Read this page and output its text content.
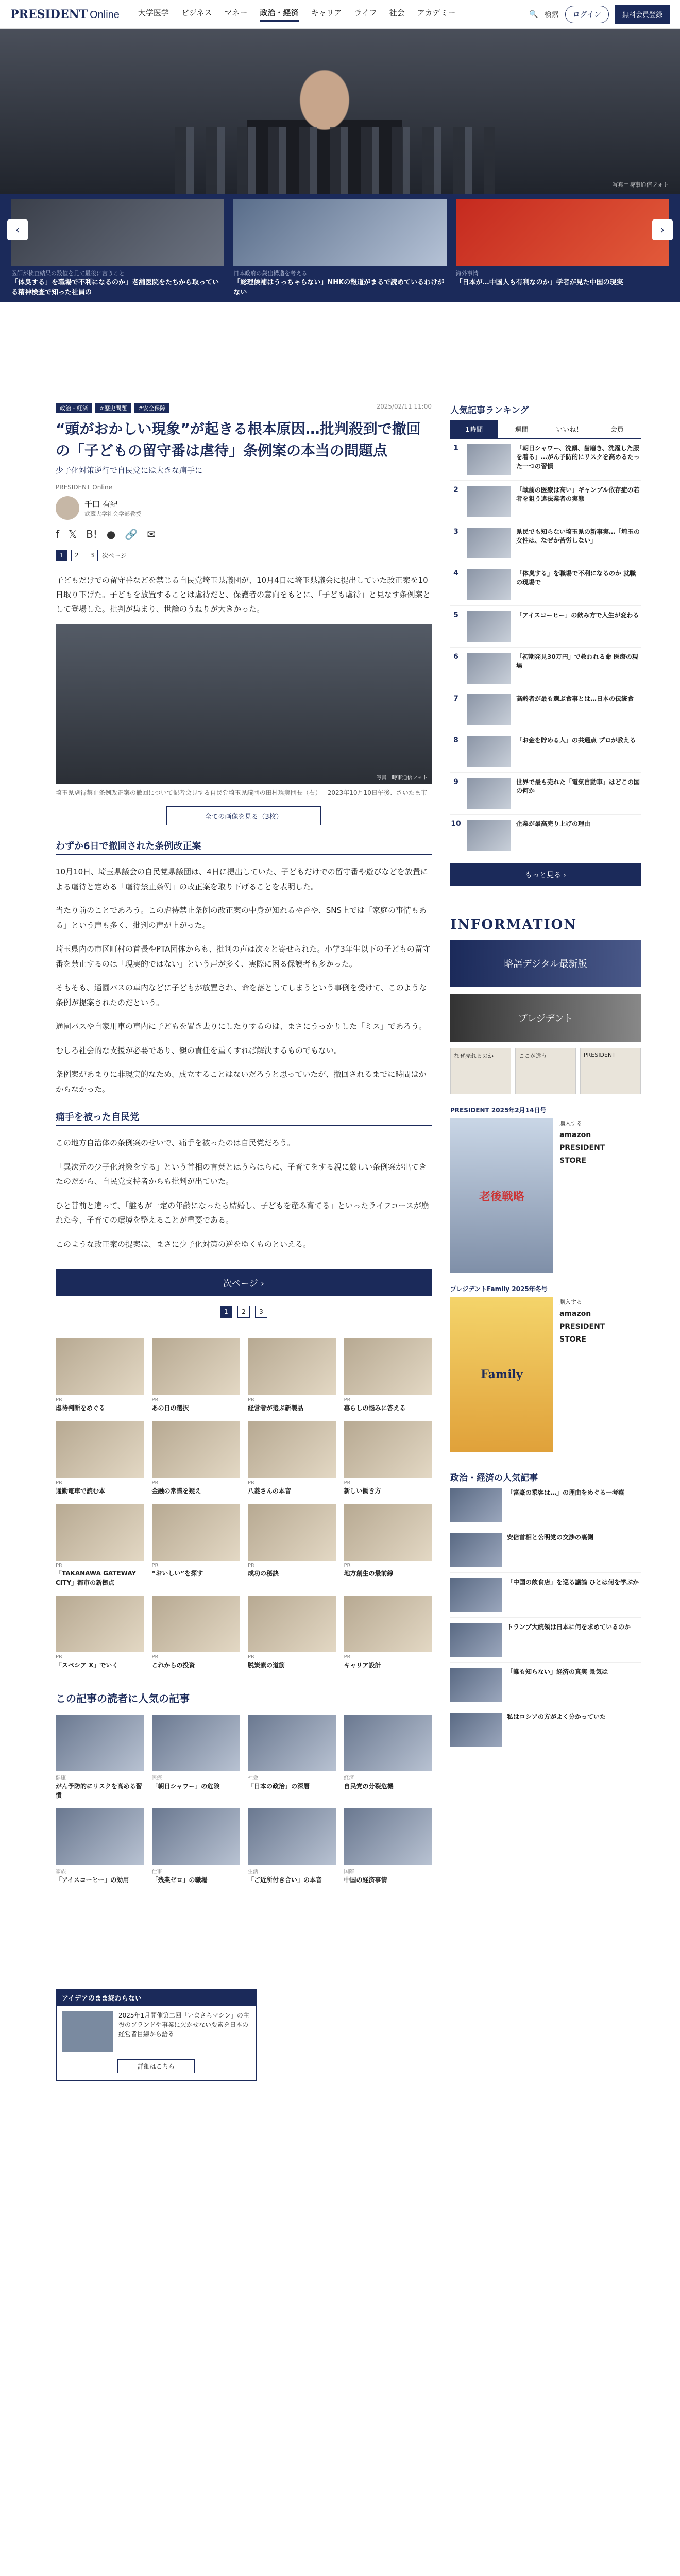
PRESIDENT Online 大学医学 ビジネス マネー 政治・経済 キャリア ライフ 社会 アカデミー	🔍 検索	ログイン	無料会員登録
写真＝時事通信フォト
医師が検査結果の数値を見て最後に言うこと
「体臭する」を職場で不利になるのか」老舗医院をたちから取っている精神検査で知った社員の
日本政府の歳出構造を考える
「総理候補はうっちゃらない」NHKの報道がまるで読めているわけがない
海外事情
「日本が…中国人も有利なのか」学者が見た中国の現実
‹	›
政治・経済	#歴史問題	#安全保障	2025/02/11 11:00
“頭がおかしい現象”が起きる根本原因…批判殺到で撤回の「子どもの留守番は虐待」条例案の本当の問題点
少子化対策逆行で自民党には大きな痛手に
PRESIDENT Online
千田 有紀
武蔵大学社会学部教授
f 𝕏 B! ● 🔗 ✉
1	2	3	次ページ

子どもだけでの留守番などを禁じる自民党埼玉県議団が、10月4日に埼玉県議会に提出していた改正案を10日取り下げた。子どもを放置することは虐待だと、保護者の意向をもとに、「子ども虐待」と見なす条例案として登場した。批判が集まり、世論のうねりが大きかった。

写真＝時事通信フォト
埼玉県虐待禁止条例改正案の撤回について記者会見する自民党埼玉県議団の田村琢実団長（右）＝2023年10月10日午後、さいたま市
全ての画像を見る（3枚）
わずか6日で撤回された条例改正案

10月10日、埼玉県議会の自民党県議団は、4日に提出していた、子どもだけでの留守番や遊びなどを放置による虐待と定める「虐待禁止条例」の改正案を取り下げることを表明した。

当たり前のことであろう。この虐待禁止条例の改正案の中身が知れるや否や、SNS上では「家庭の事情もある」という声も多く、批判の声が上がった。

埼玉県内の市区町村の首長やPTA団体からも、批判の声は次々と寄せられた。小学3年生以下の子どもの留守番を禁止するのは「現実的ではない」という声が多く、実際に困る保護者も多かった。

そもそも、通園バスの車内などに子どもが放置され、命を落としてしまうという事例を受けて、このような条例が提案されたのだという。

通園バスや自家用車の車内に子どもを置き去りにしたりするのは、まさにうっかりした「ミス」であろう。

むしろ社会的な支援が必要であり、親の責任を重くすれば解決するものでもない。

条例案があまりに非現実的なため、成立することはないだろうと思っていたが、撤回されるまでに時間はかからなかった。

痛手を被った自民党

この地方自治体の条例案のせいで、痛手を被ったのは自民党だろう。

「異次元の少子化対策をする」という首相の言葉とはうらはらに、子育てをする親に厳しい条例案が出てきたのだから、自民党支持者からも批判が出ていた。

ひと昔前と違って、「誰もが一定の年齢になったら結婚し、子どもを産み育てる」といったライフコースが崩れた今、子育ての環境を整えることが重要である。

このような改正案の提案は、まさに少子化対策の逆をゆくものといえる。

次ページ ›
1	2	3
PR
虐待判断をめぐる
PR
あの日の選択
PR
経営者が選ぶ新製品
PR
暮らしの悩みに答える
PR
通勤電車で読む本
PR
金融の常識を疑え
PR
八菱さんの本音
PR
新しい働き方
PR
「TAKANAWA GATEWAY CITY」都市の新拠点
PR
“おいしい”を探す
PR
成功の秘訣
PR
地方創生の最前線
PR
「スペシア X」でいく
PR
これからの投資
PR
脱炭素の道筋
PR
キャリア設計
この記事の読者に人気の記事
健康
がん予防的にリスクを高める習慣
医療
「朝日シャワー」の危険
社会
「日本の政治」の深層
経済
自民党の分裂危機
家族
「アイスコーヒー」の効用
仕事
「残業ゼロ」の職場
生活
「ご近所付き合い」の本音
国際
中国の経済事情
人気記事ランキング
1時間	週間	いいね！	会員
1	「朝日シャワー、洗顔、歯磨き、洗濯した服を着る」…がん予防的にリスクを高めるたった一つの習慣
2	「戦前の医療は高い」ギャンブル依存症の若者を狙う違法業者の実態
3	県民でも知らない埼玉県の新事実…「埼玉の女性は、なぜか苦労しない」
4	「体臭する」を職場で不利になるのか 就職の現場で
5	「アイスコーヒー」の飲み方で人生が変わる
6	「初期発見30万円」で救われる命 医療の現場
7	高齢者が最も選ぶ食事とは…日本の伝統食
8	「お金を貯める人」の共通点 プロが教える
9	世界で最も売れた「電気自動車」はどこの国の何か
10	企業が最高売り上げの理由
もっと見る ›
INFORMATION
略語デジタル最新版
プレジデント
なぜ売れるのか	ここが違う	PRESIDENT
PRESIDENT 2025年2月14日号
老後戦略
購入する
amazon
PRESIDENT STORE
プレジデントFamily 2025年冬号
Family
購入する
amazon
PRESIDENT STORE
政治・経済の人気記事
「富豪の乗客は…」の理由をめぐる一考察
安倍首相と公明党の交渉の裏側
「中国の飲食店」を巡る議論 ひとは何を学ぶか
トランプ大統領は日本に何を求めているのか
「誰も知らない」経済の真実 景気は
私はロシアの方がよく分かっていた
アイデアのまま終わらない
2025年1月開催第二回「いまさらマシン」の主役のブランドや事業に欠かせない要素を日本の経営者目線から語る
詳細はこちら
